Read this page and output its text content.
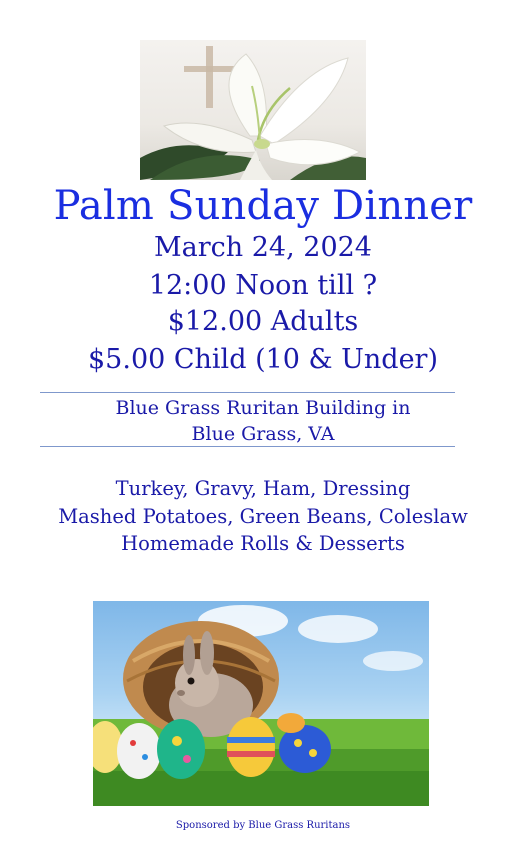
Palm Sunday Dinner
March 24, 2024
12:00 Noon till ?
$12.00 Adults
$5.00 Child (10 & Under)
Blue Grass Ruritan Building in
Blue Grass, VA
Turkey, Gravy, Ham, Dressing
Mashed Potatoes, Green Beans, Coleslaw
Homemade Rolls & Desserts
Sponsored by Blue Grass Ruritans
